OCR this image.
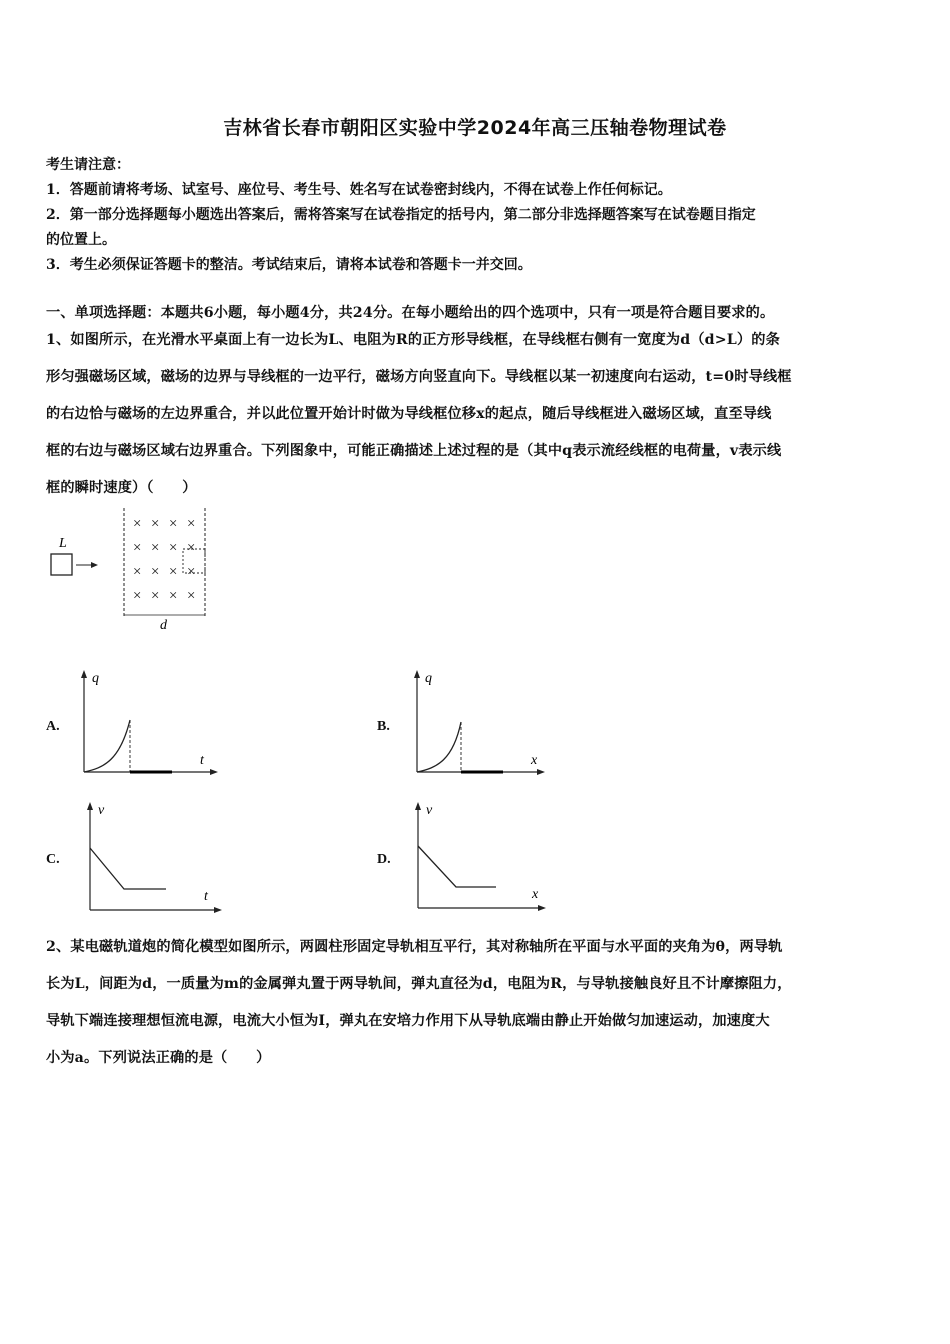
吉林省长春市朝阳区实验中学2024年高三压轴卷物理试卷
考生请注意：
1．答题前请将考场、试室号、座位号、考生号、姓名写在试卷密封线内，不得在试卷上作任何标记。
2．第一部分选择题每小题选出答案后，需将答案写在试卷指定的括号内，第二部分非选择题答案写在试卷题目指定
的位置上。
3．考生必须保证答题卡的整洁。考试结束后，请将本试卷和答题卡一并交回。
一、单项选择题：本题共6小题，每小题4分，共24分。在每小题给出的四个选项中，只有一项是符合题目要求的。
1、如图所示，在光滑水平桌面上有一边长为L、电阻为R的正方形导线框，在导线框右侧有一宽度为d（d>L）的条
形匀强磁场区域，磁场的边界与导线框的一边平行，磁场方向竖直向下。导线框以某一初速度向右运动，t=0时导线框
的右边恰与磁场的左边界重合，并以此位置开始计时做为导线框位移x的起点，随后导线框进入磁场区域，直至导线
框的右边与磁场区域右边界重合。下列图象中，可能正确描述上述过程的是（其中q表示流经线框的电荷量，v表示线
框的瞬时速度）（　　）
L
× × × ×
× × × ×
× × × ×
× × × ×
d
A.
q
t
B.
q
x
C.
v
t
D.
v
x
2、某电磁轨道炮的简化模型如图所示，两圆柱形固定导轨相互平行，其对称轴所在平面与水平面的夹角为θ，两导轨
长为L，间距为d，一质量为m的金属弹丸置于两导轨间，弹丸直径为d，电阻为R，与导轨接触良好且不计摩擦阻力，
导轨下端连接理想恒流电源，电流大小恒为I，弹丸在安培力作用下从导轨底端由静止开始做匀加速运动，加速度大
小为a。下列说法正确的是（　　）
